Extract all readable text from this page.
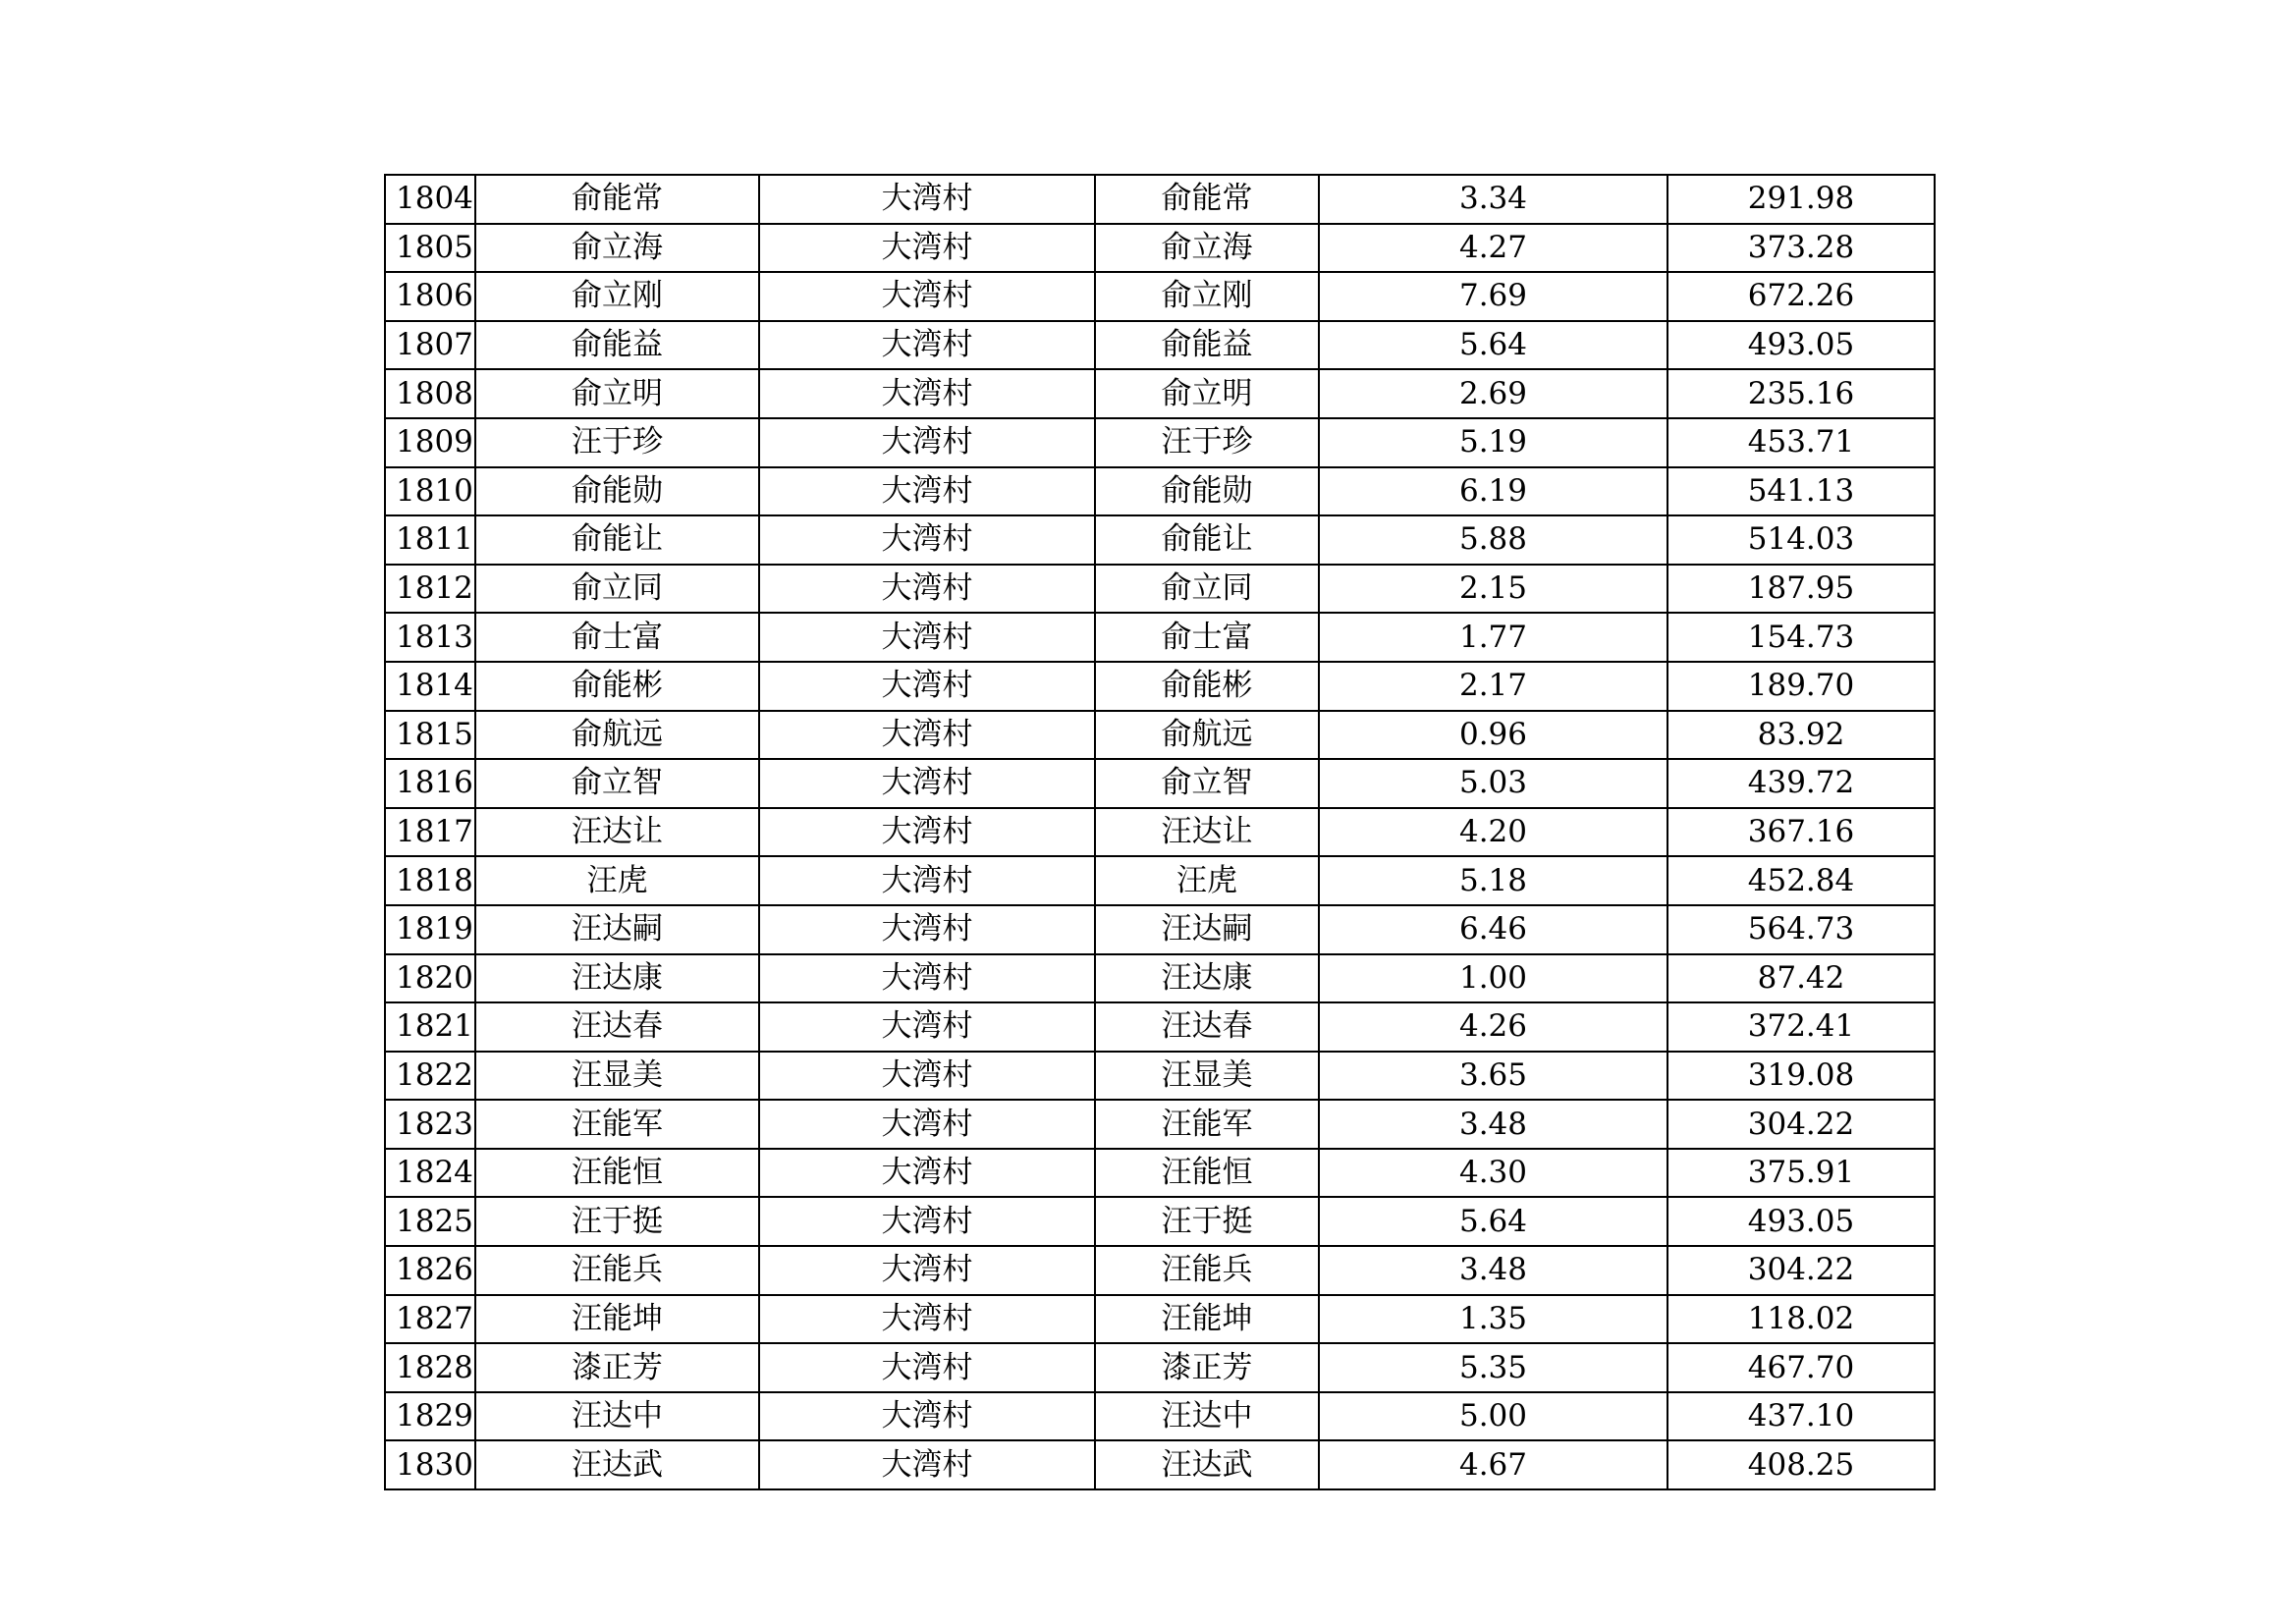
1804	俞能常	大湾村	俞能常	3.34	291.98
1805	俞立海	大湾村	俞立海	4.27	373.28
1806	俞立刚	大湾村	俞立刚	7.69	672.26
1807	俞能益	大湾村	俞能益	5.64	493.05
1808	俞立明	大湾村	俞立明	2.69	235.16
1809	汪于珍	大湾村	汪于珍	5.19	453.71
1810	俞能勋	大湾村	俞能勋	6.19	541.13
1811	俞能让	大湾村	俞能让	5.88	514.03
1812	俞立同	大湾村	俞立同	2.15	187.95
1813	俞士富	大湾村	俞士富	1.77	154.73
1814	俞能彬	大湾村	俞能彬	2.17	189.70
1815	俞航远	大湾村	俞航远	0.96	83.92
1816	俞立智	大湾村	俞立智	5.03	439.72
1817	汪达让	大湾村	汪达让	4.20	367.16
1818	汪虎	大湾村	汪虎	5.18	452.84
1819	汪达嗣	大湾村	汪达嗣	6.46	564.73
1820	汪达康	大湾村	汪达康	1.00	87.42
1821	汪达春	大湾村	汪达春	4.26	372.41
1822	汪显美	大湾村	汪显美	3.65	319.08
1823	汪能军	大湾村	汪能军	3.48	304.22
1824	汪能恒	大湾村	汪能恒	4.30	375.91
1825	汪于挺	大湾村	汪于挺	5.64	493.05
1826	汪能兵	大湾村	汪能兵	3.48	304.22
1827	汪能坤	大湾村	汪能坤	1.35	118.02
1828	漆正芳	大湾村	漆正芳	5.35	467.70
1829	汪达中	大湾村	汪达中	5.00	437.10
1830	汪达武	大湾村	汪达武	4.67	408.25
